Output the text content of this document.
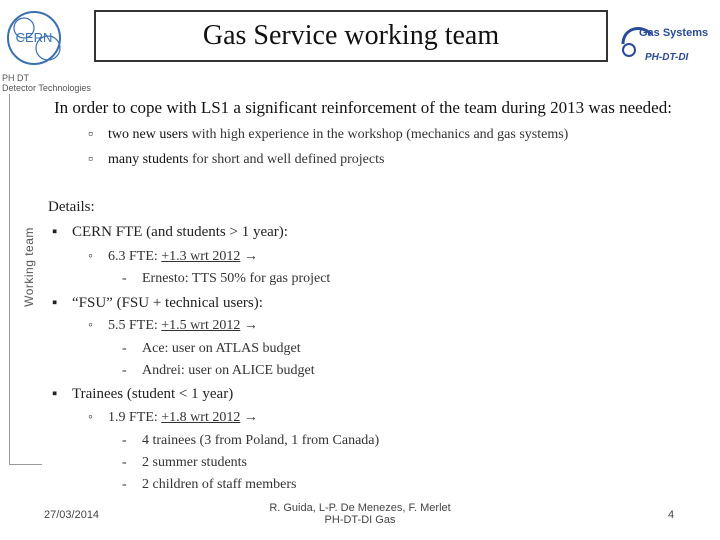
CERN
PH DT
Detector Technologies
Gas Service working team	Gas Systems
PH-DT-DI
Working team
In order to cope with LS1 a significant reinforcement of the team during 2013 was needed:
▫ two new users with high experience in the workshop (mechanics and gas systems)
▫ many students for short and well defined projects
Details:
▪ CERN FTE (and students > 1 year):
◦ 6.3 FTE: +1.3 wrt 2012 →
- Ernesto: TTS 50% for gas project
▪ “FSU” (FSU + technical users):
◦ 5.5 FTE: +1.5 wrt 2012 →
- Ace: user on ATLAS budget
- Andrei: user on ALICE budget
▪ Trainees (student < 1 year)
◦ 1.9 FTE: +1.8 wrt 2012 →
- 4 trainees (3 from Poland, 1 from Canada)
- 2 summer students
- 2 children of staff members
27/03/2014
R. Guida, L-P. De Menezes, F. Merlet
PH-DT-DI Gas	4
